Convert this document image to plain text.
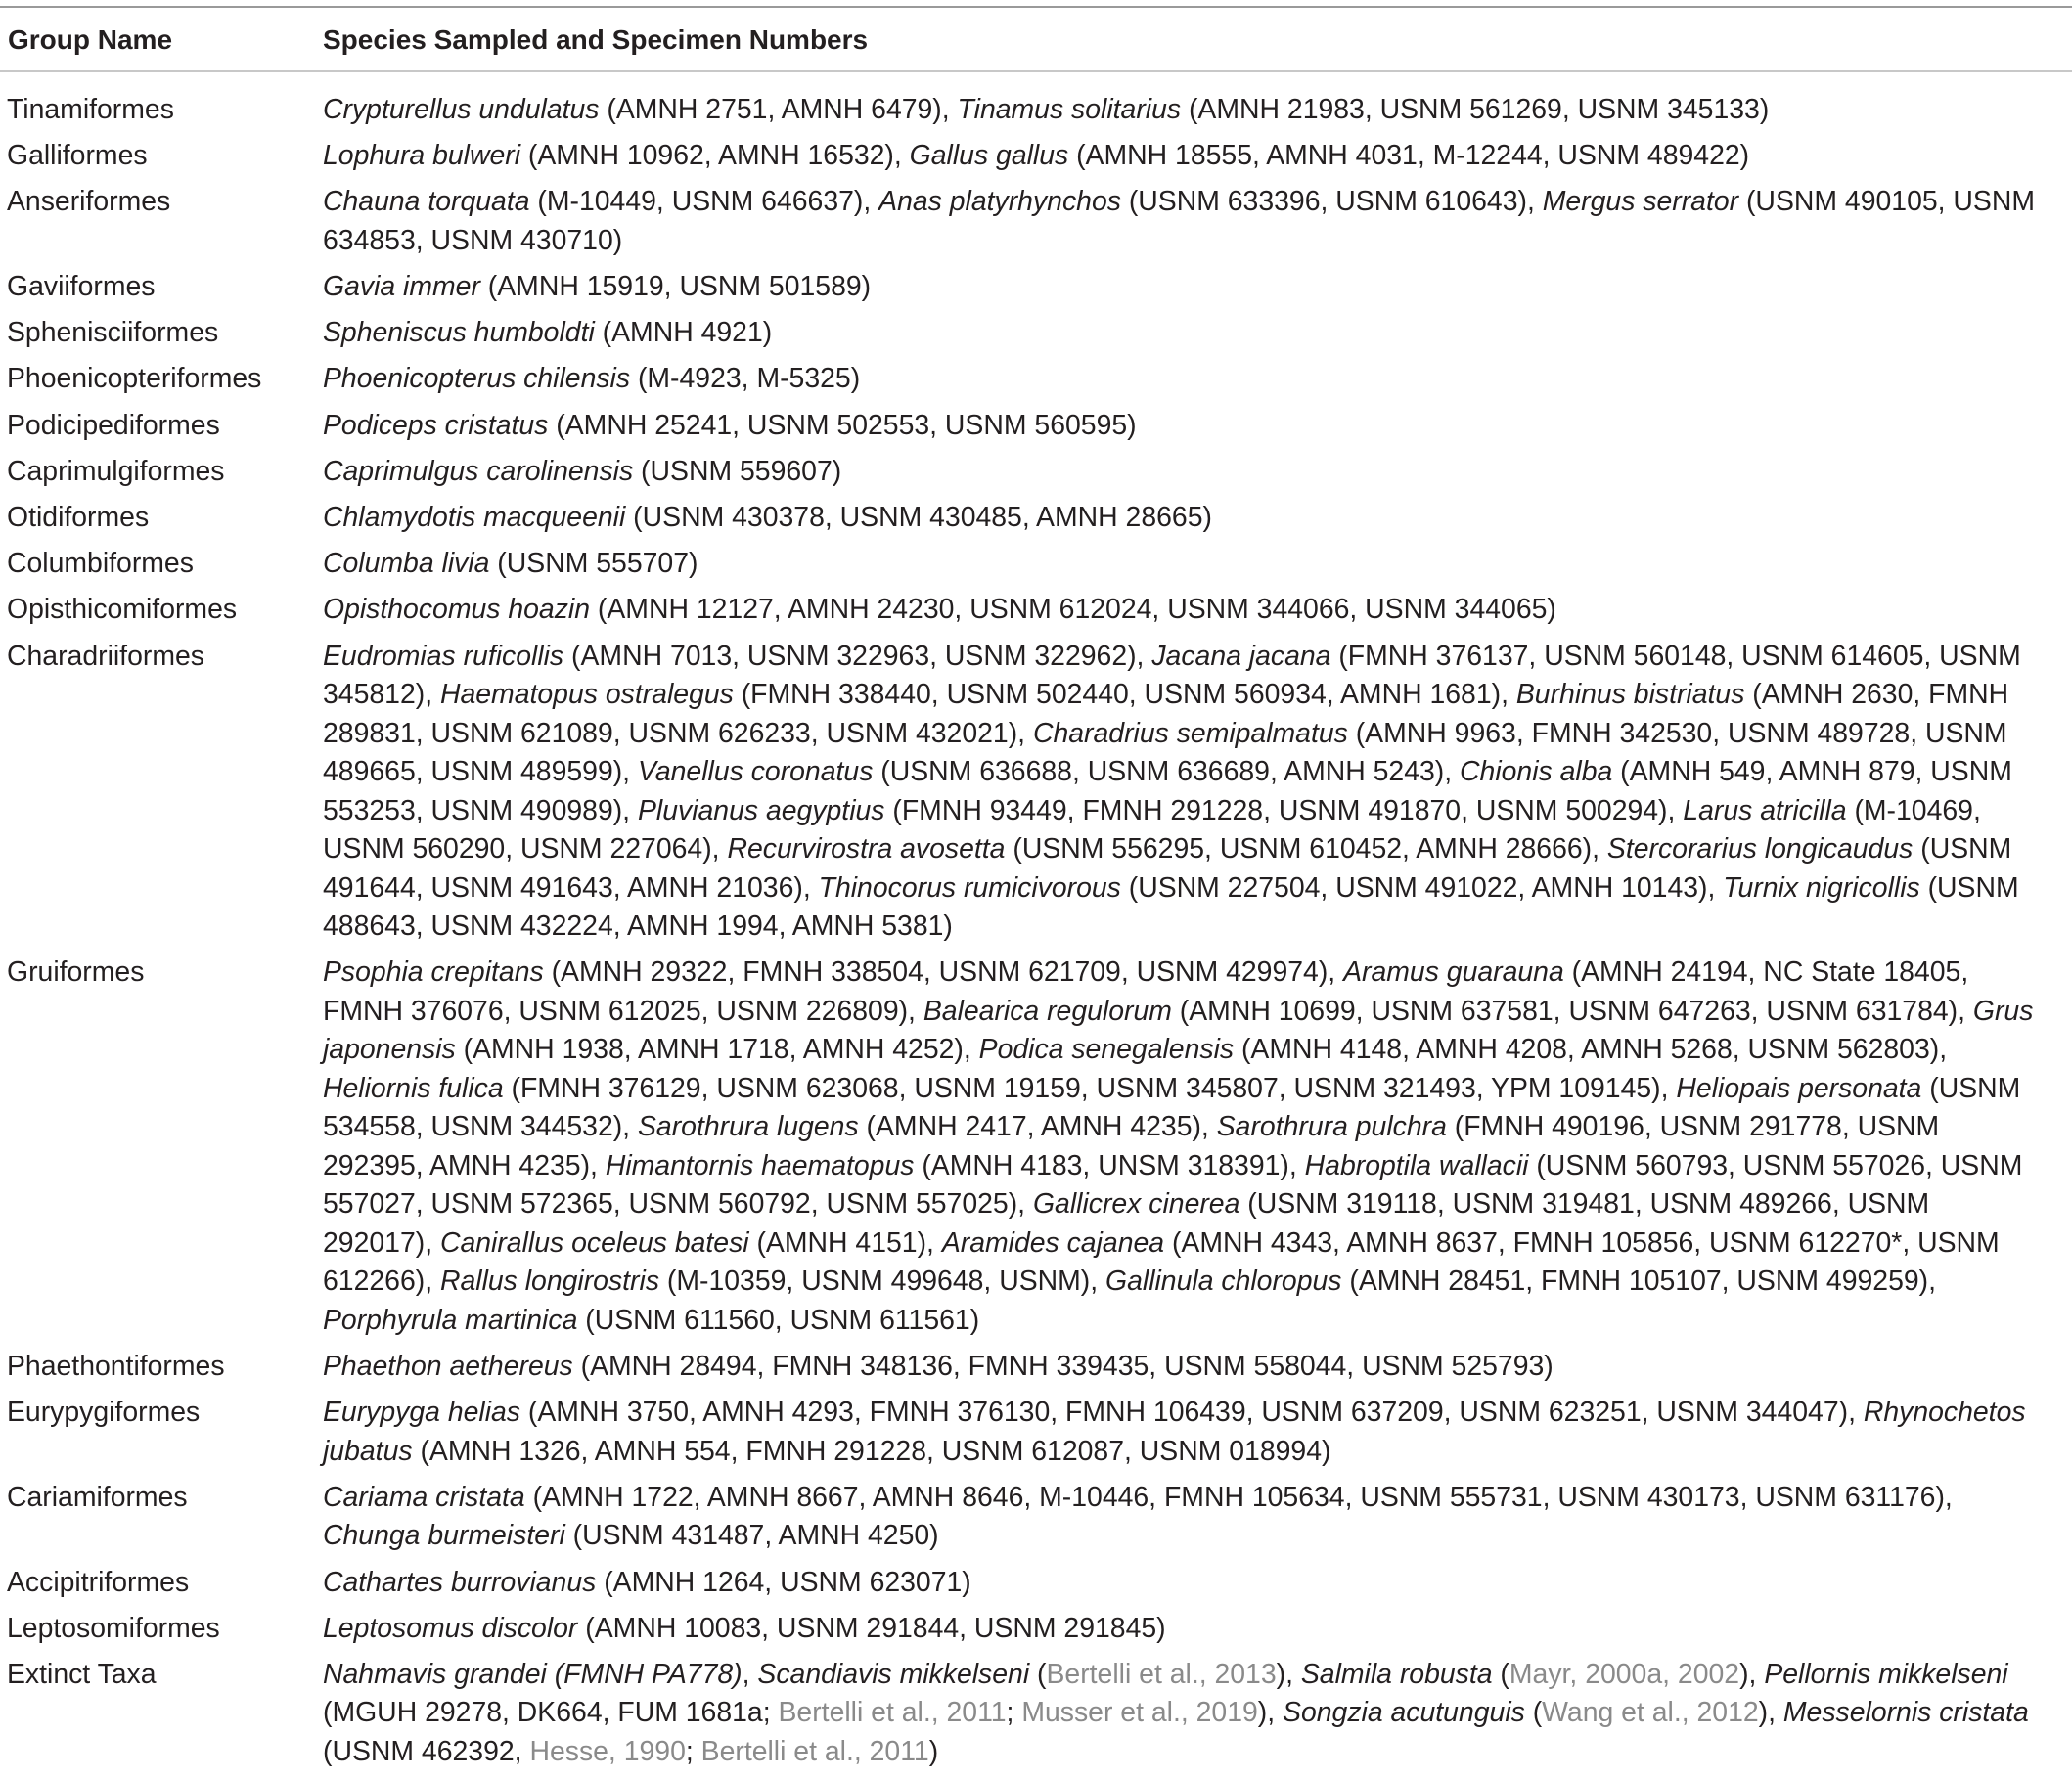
Group Name	Species Sampled and Specimen Numbers
Tinamiformes	Crypturellus undulatus (AMNH 2751, AMNH 6479), Tinamus solitarius (AMNH 21983, USNM 561269, USNM 345133)
Galliformes	Lophura bulweri (AMNH 10962, AMNH 16532), Gallus gallus (AMNH 18555, AMNH 4031, M-12244, USNM 489422)
Anseriformes	Chauna torquata (M-10449, USNM 646637), Anas platyrhynchos (USNM 633396, USNM 610643), Mergus serrator (USNM 490105, USNM 634853, USNM 430710)
Gaviiformes	Gavia immer (AMNH 15919, USNM 501589)
Sphenisciiformes	Spheniscus humboldti (AMNH 4921)
Phoenicopteriformes	Phoenicopterus chilensis (M-4923, M-5325)
Podicipediformes	Podiceps cristatus (AMNH 25241, USNM 502553, USNM 560595)
Caprimulgiformes	Caprimulgus carolinensis (USNM 559607)
Otidiformes	Chlamydotis macqueenii (USNM 430378, USNM 430485, AMNH 28665)
Columbiformes	Columba livia (USNM 555707)
Opisthicomiformes	Opisthocomus hoazin (AMNH 12127, AMNH 24230, USNM 612024, USNM 344066, USNM 344065)
Charadriiformes	Eudromias ruficollis (AMNH 7013, USNM 322963, USNM 322962), Jacana jacana (FMNH 376137, USNM 560148, USNM 614605, USNM 345812), Haematopus ostralegus (FMNH 338440, USNM 502440, USNM 560934, AMNH 1681), Burhinus bistriatus (AMNH 2630, FMNH 289831, USNM 621089, USNM 626233, USNM 432021), Charadrius semipalmatus (AMNH 9963, FMNH 342530, USNM 489728, USNM 489665, USNM 489599), Vanellus coronatus (USNM 636688, USNM 636689, AMNH 5243), Chionis alba (AMNH 549, AMNH 879, USNM 553253, USNM 490989), Pluvianus aegyptius (FMNH 93449, FMNH 291228, USNM 491870, USNM 500294), Larus atricilla (M-10469, USNM 560290, USNM 227064), Recurvirostra avosetta (USNM 556295, USNM 610452, AMNH 28666), Stercorarius longicaudus (USNM 491644, USNM 491643, AMNH 21036), Thinocorus rumicivorous (USNM 227504, USNM 491022, AMNH 10143), Turnix nigricollis (USNM 488643, USNM 432224, AMNH 1994, AMNH 5381)
Gruiformes	Psophia crepitans (AMNH 29322, FMNH 338504, USNM 621709, USNM 429974), Aramus guarauna (AMNH 24194, NC State 18405, FMNH 376076, USNM 612025, USNM 226809), Balearica regulorum (AMNH 10699, USNM 637581, USNM 647263, USNM 631784), Grus japonensis (AMNH 1938, AMNH 1718, AMNH 4252), Podica senegalensis (AMNH 4148, AMNH 4208, AMNH 5268, USNM 562803), Heliornis fulica (FMNH 376129, USNM 623068, USNM 19159, USNM 345807, USNM 321493, YPM 109145), Heliopais personata (USNM 534558, USNM 344532), Sarothrura lugens (AMNH 2417, AMNH 4235), Sarothrura pulchra (FMNH 490196, USNM 291778, USNM 292395, AMNH 4235), Himantornis haematopus (AMNH 4183, UNSM 318391), Habroptila wallacii (USNM 560793, USNM 557026, USNM 557027, USNM 572365, USNM 560792, USNM 557025), Gallicrex cinerea (USNM 319118, USNM 319481, USNM 489266, USNM 292017), Canirallus oceleus batesi (AMNH 4151), Aramides cajanea (AMNH 4343, AMNH 8637, FMNH 105856, USNM 612270*, USNM 612266), Rallus longirostris (M-10359, USNM 499648, USNM), Gallinula chloropus (AMNH 28451, FMNH 105107, USNM 499259), Porphyrula martinica (USNM 611560, USNM 611561)
Phaethontiformes	Phaethon aethereus (AMNH 28494, FMNH 348136, FMNH 339435, USNM 558044, USNM 525793)
Eurypygiformes	Eurypyga helias (AMNH 3750, AMNH 4293, FMNH 376130, FMNH 106439, USNM 637209, USNM 623251, USNM 344047), Rhynochetos jubatus (AMNH 1326, AMNH 554, FMNH 291228, USNM 612087, USNM 018994)
Cariamiformes	Cariama cristata (AMNH 1722, AMNH 8667, AMNH 8646, M-10446, FMNH 105634, USNM 555731, USNM 430173, USNM 631176), Chunga burmeisteri (USNM 431487, AMNH 4250)
Accipitriformes	Cathartes burrovianus (AMNH 1264, USNM 623071)
Leptosomiformes	Leptosomus discolor (AMNH 10083, USNM 291844, USNM 291845)
Extinct Taxa	Nahmavis grandei (FMNH PA778), Scandiavis mikkelseni (Bertelli et al., 2013), Salmila robusta (Mayr, 2000a, 2002), Pellornis mikkelseni (MGUH 29278, DK664, FUM 1681a; Bertelli et al., 2011; Musser et al., 2019), Songzia acutunguis (Wang et al., 2012), Messelornis cristata (USNM 462392, Hesse, 1990; Bertelli et al., 2011)
